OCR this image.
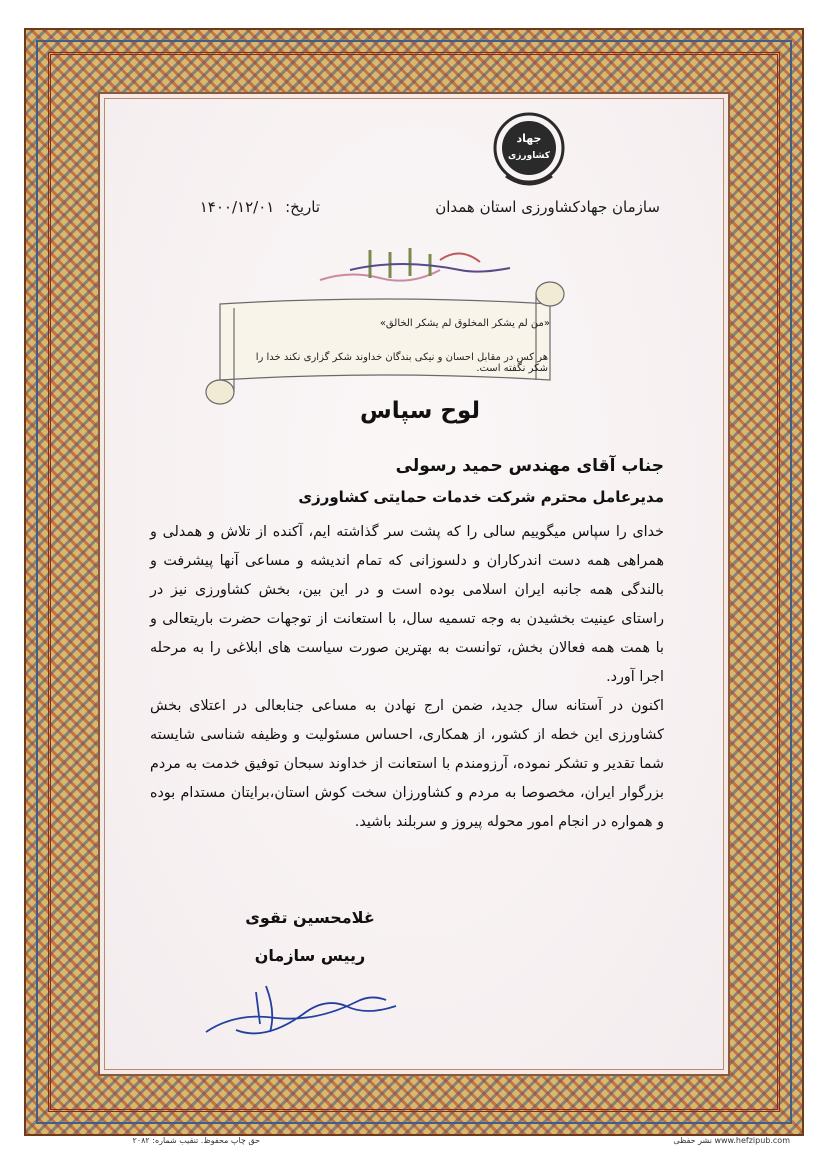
جهاد
کشاورزی
سازمان جهادکشاورزی استان همدان
تاریخ: ۱۴۰۰/۱۲/۰۱
«من لم یشکر المخلوق لم یشکر الخالق»
هر کس در مقابل احسان و نیکی بندگان خداوند شکر گزاری نکند خدا را شکر نگفته است.
لوح سپاس
جناب آقای مهندس حمید رسولی
مدیرعامل محترم شرکت خدمات حمایتی کشاورزی

خدای را سپاس میگوییم سالی را که پشت سر گذاشته ایم، آکنده از تلاش و همدلی و همراهی همه دست اندرکاران و دلسوزانی که تمام اندیشه و مساعی آنها پیشرفت و بالندگی همه جانبه ایران اسلامی بوده است و در این بین، بخش کشاورزی نیز در راستای عینیت بخشیدن به وجه تسمیه سال، با استعانت از توجهات حضرت باریتعالی و با همت همه فعالان بخش، توانست به بهترین صورت سیاست های ابلاغی را به مرحله اجرا آورد.

اکنون در آستانه سال جدید، ضمن ارج نهادن به مساعی جنابعالی در اعتلای بخش کشاورزی این خطه از کشور، از همکاری، احساس مسئولیت و وظیفه شناسی شایسته شما تقدیر و تشکر نموده، آرزومندم با استعانت از خداوند سبحان توفیق خدمت به مردم بزرگوار ایران، مخصوصا به مردم و کشاورزان سخت کوش استان،برایتان مستدام بوده و همواره در انجام امور محوله پیروز و سربلند باشید.

غلامحسین تقوی
رییس سازمان
حق چاپ محفوظ. تنقیب شماره: ۲۰۸۲	www.hefzipub.com نشر حفظی
